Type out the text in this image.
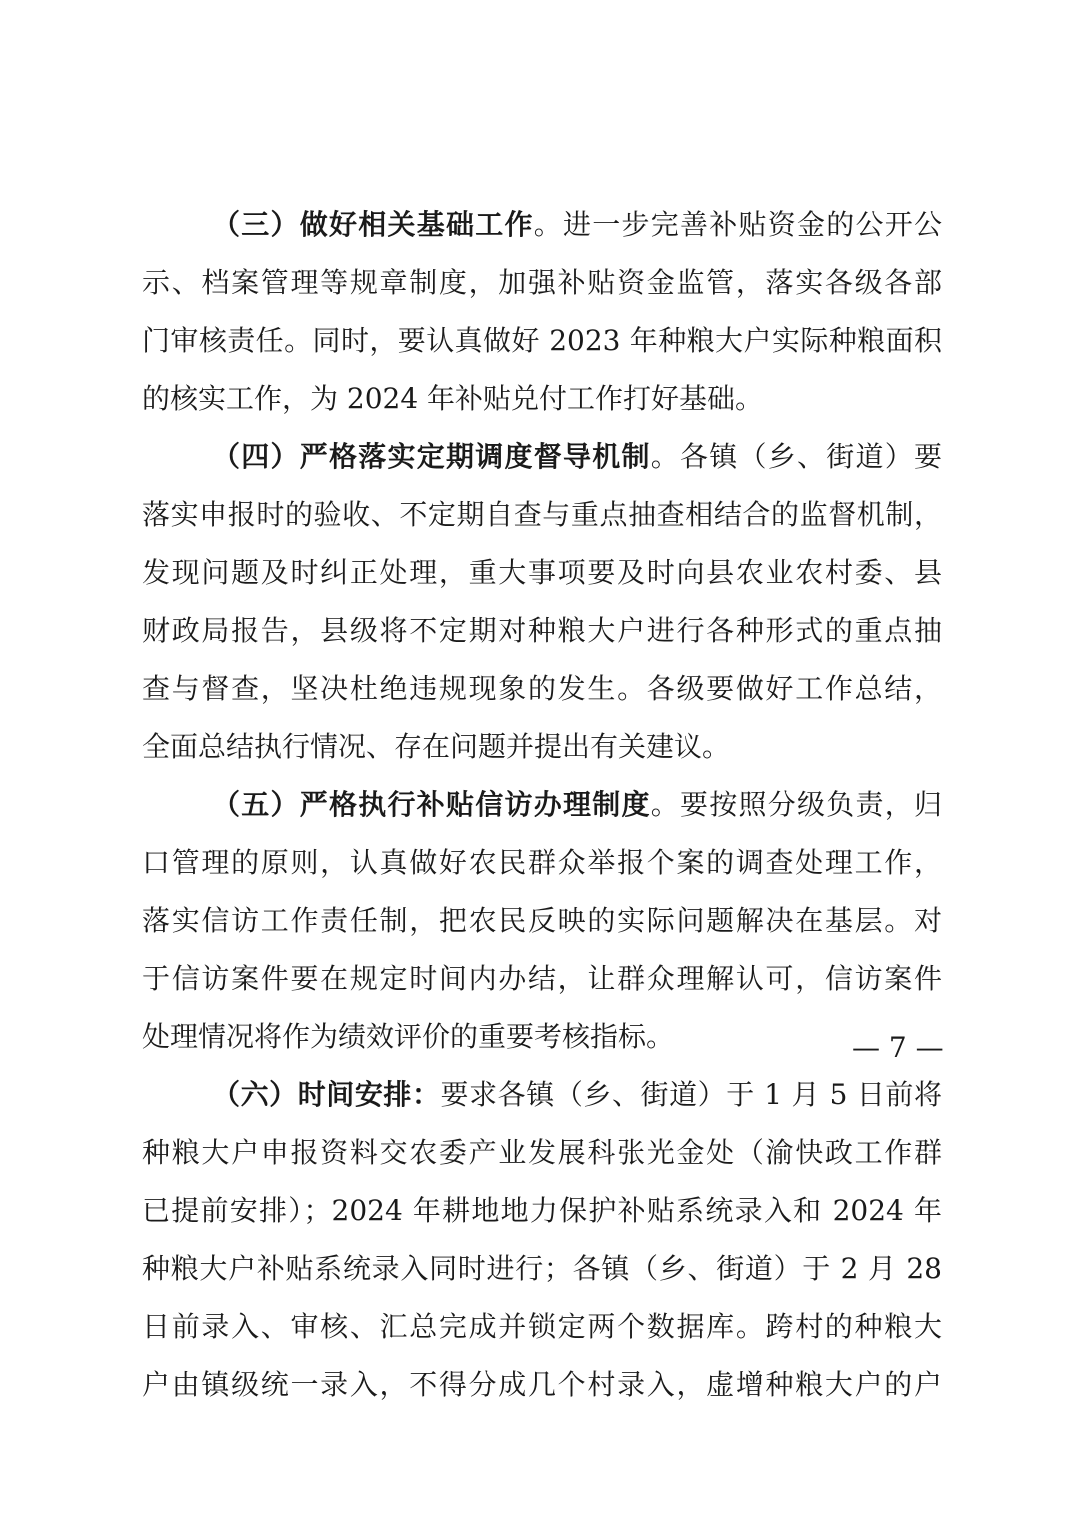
（三）做好相关基础工作。进一步完善补贴资金的公开公
示、档案管理等规章制度，加强补贴资金监管，落实各级各部
门审核责任。同时，要认真做好 2023 年种粮大户实际种粮面积
的核实工作，为 2024 年补贴兑付工作打好基础。
（四）严格落实定期调度督导机制。各镇（乡、街道）要
落实申报时的验收、不定期自查与重点抽查相结合的监督机制，
发现问题及时纠正处理，重大事项要及时向县农业农村委、县
财政局报告，县级将不定期对种粮大户进行各种形式的重点抽
查与督查，坚决杜绝违规现象的发生。各级要做好工作总结，
全面总结执行情况、存在问题并提出有关建议。
（五）严格执行补贴信访办理制度。要按照分级负责，归
口管理的原则，认真做好农民群众举报个案的调查处理工作，
落实信访工作责任制，把农民反映的实际问题解决在基层。对
于信访案件要在规定时间内办结，让群众理解认可，信访案件
处理情况将作为绩效评价的重要考核指标。
（六）时间安排：要求各镇（乡、街道）于 1 月 5 日前将
种粮大户申报资料交农委产业发展科张光金处（渝快政工作群
已提前安排）；2024 年耕地地力保护补贴系统录入和 2024 年
种粮大户补贴系统录入同时进行；各镇（乡、街道）于 2 月 28
日前录入、审核、汇总完成并锁定两个数据库。跨村的种粮大
户由镇级统一录入，不得分成几个村录入，虚增种粮大户的户
— 7 —
